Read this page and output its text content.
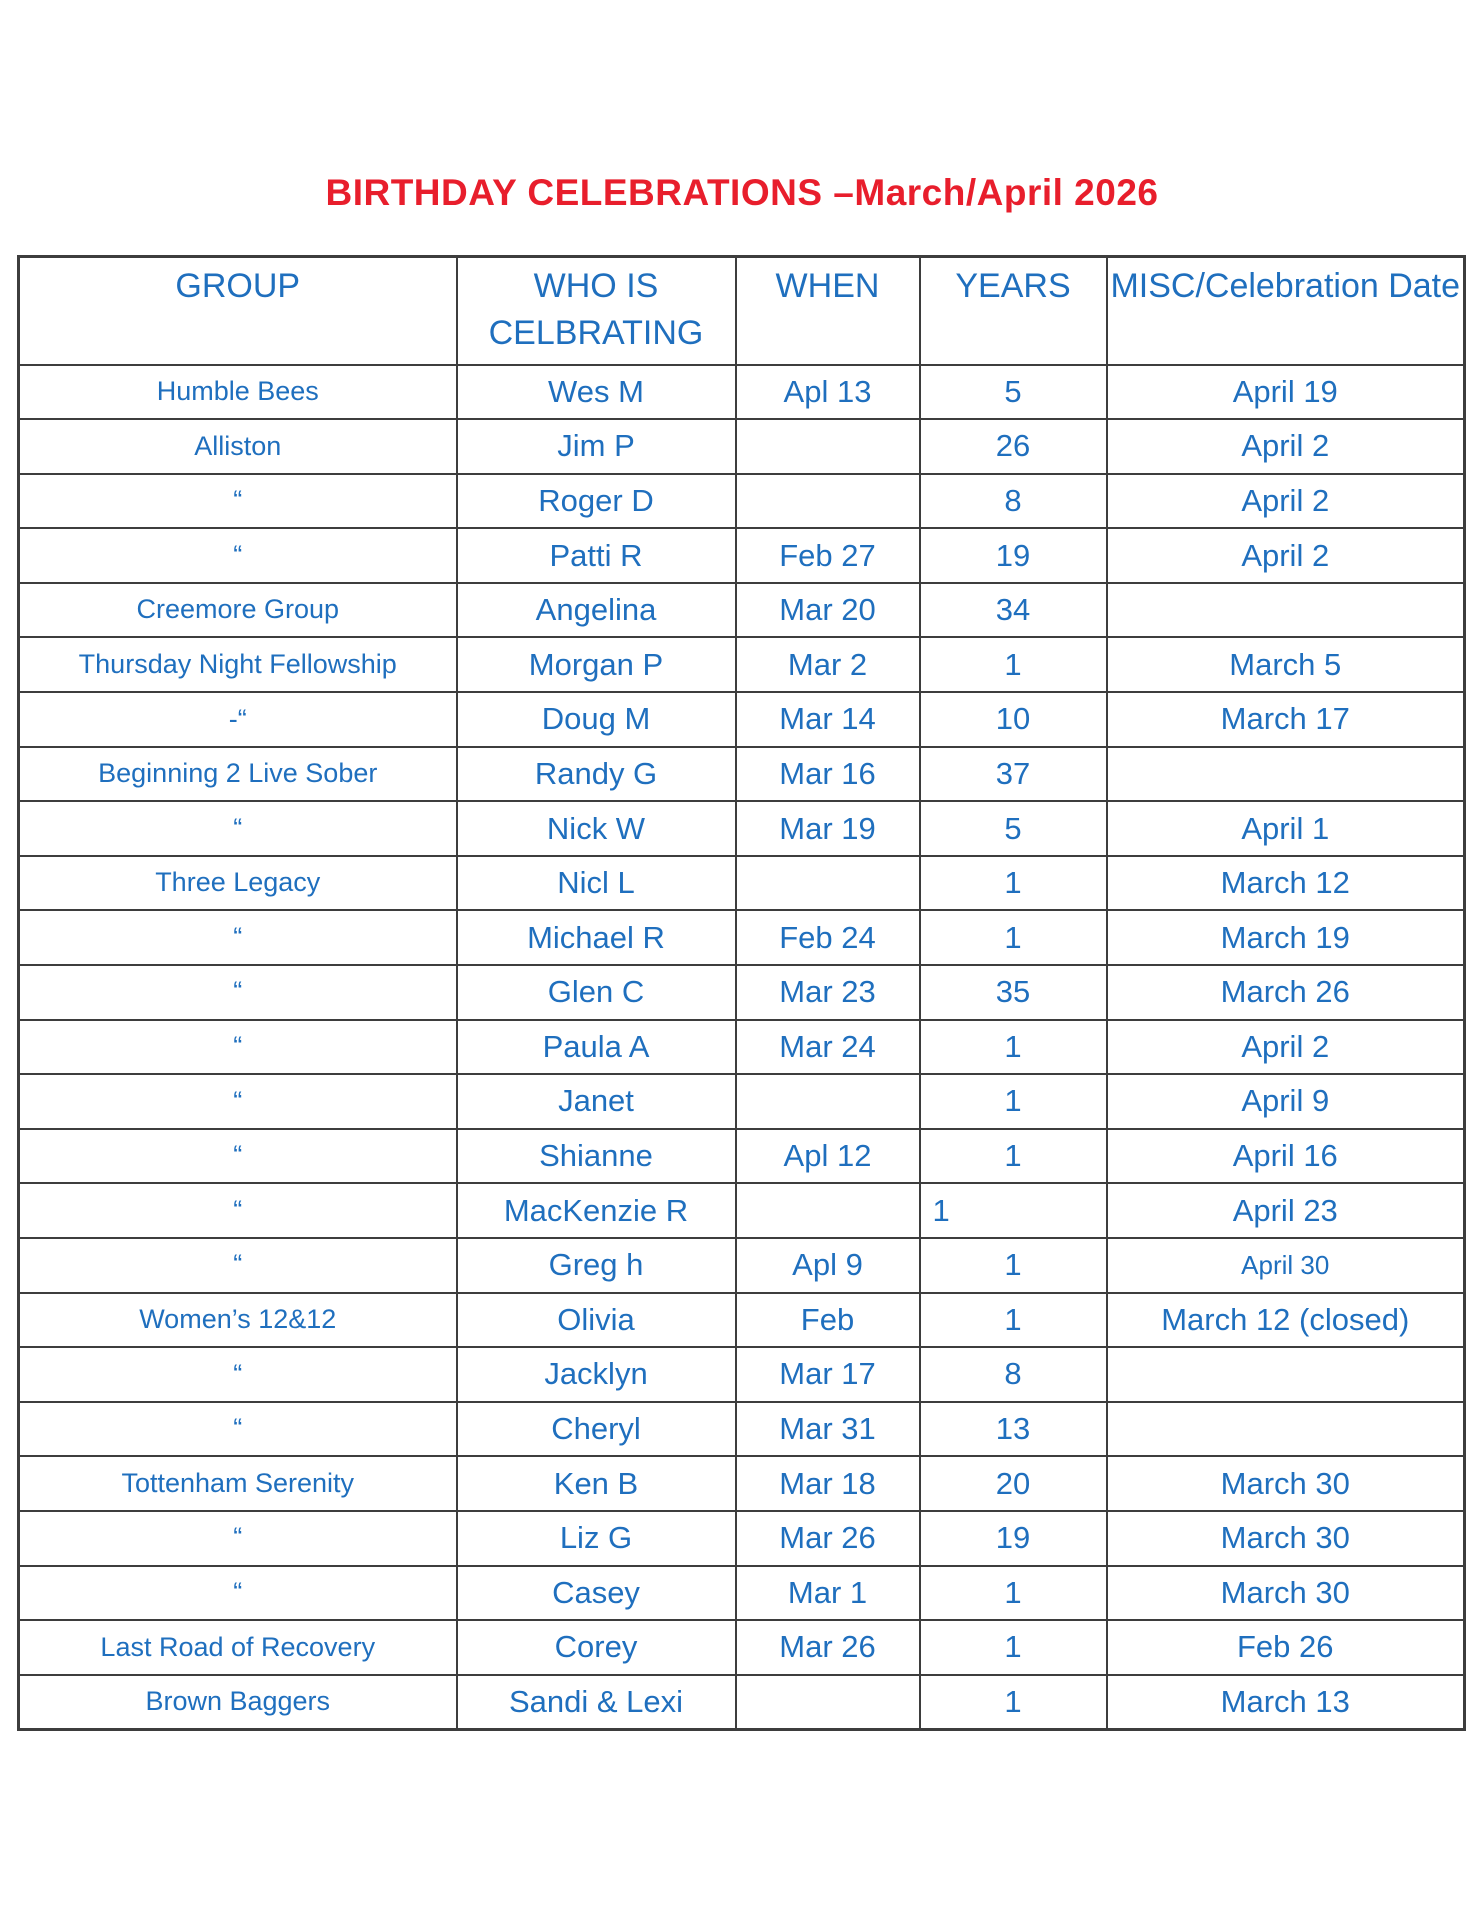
BIRTHDAY CELEBRATIONS –March/April 2026
GROUP	WHO IS CELBRATING	WHEN	YEARS	MISC/Celebration Date
Humble Bees	Wes M	Apl 13	5	April 19
Alliston	Jim P		26	April 2
“	Roger D		8	April 2
“	Patti R	Feb 27	19	April 2
Creemore Group	Angelina	Mar 20	34	
Thursday Night Fellowship	Morgan P	Mar 2	1	March 5
-“	Doug M	Mar 14	10	March 17
Beginning 2 Live Sober	Randy G	Mar 16	37	
“	Nick W	Mar 19	5	April 1
Three Legacy	Nicl L		1	March 12
“	Michael R	Feb 24	1	March 19
“	Glen C	Mar 23	35	March 26
“	Paula A	Mar 24	1	April 2
“	Janet		1	April 9
“	Shianne	Apl 12	1	April 16
“	MacKenzie R		1	April 23
“	Greg h	Apl 9	1	April 30
Women’s 12&12	Olivia	Feb	1	March 12 (closed)
“	Jacklyn	Mar 17	8	
“	Cheryl	Mar 31	13	
Tottenham Serenity	Ken B	Mar 18	20	March 30
“	Liz G	Mar 26	19	March 30
“	Casey	Mar 1	1	March 30
Last Road of Recovery	Corey	Mar 26	1	Feb 26
Brown Baggers	Sandi & Lexi		1	March 13
